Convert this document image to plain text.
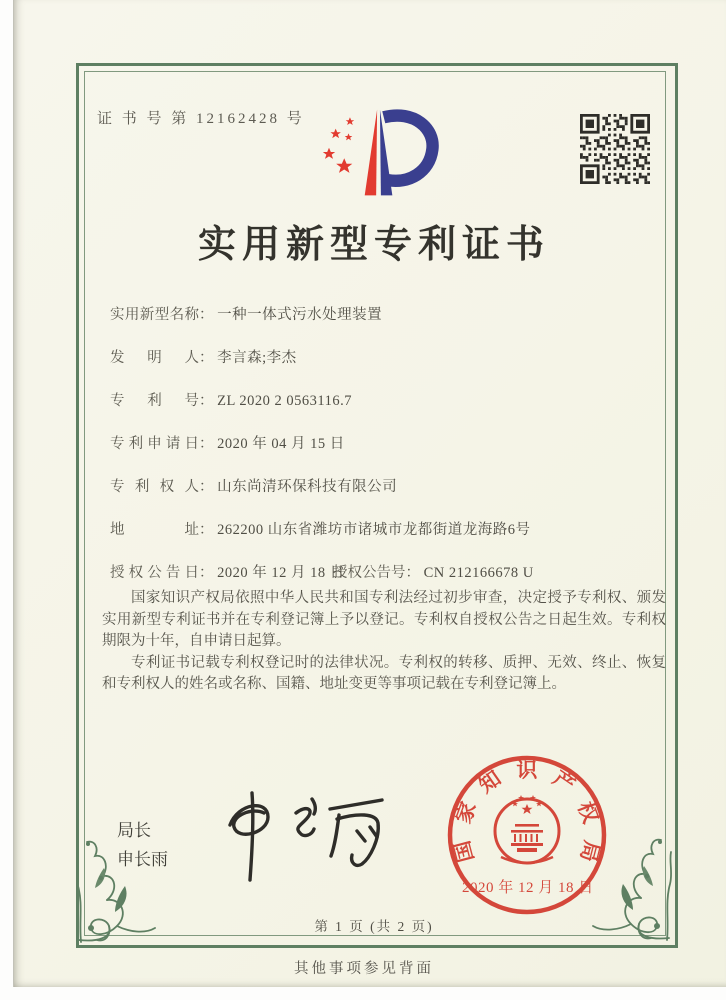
证 书 号 第 12162428 号
实用新型专利证书
实用新型名称： 一种一体式污水处理装置
发明人： 李言森;李杰
专利号： ZL 2020 2 0563116.7
专利申请日： 2020 年 04 月 15 日
专利权人： 山东尚清环保科技有限公司
地址： 262200 山东省潍坊市诸城市龙都街道龙海路6号
授权公告日： 2020 年 12 月 18 日
授权公告号： CN 212166678 U

国家知识产权局依照中华人民共和国专利法经过初步审查，决定授予专利权、颁发实用新型专利证书并在专利登记簿上予以登记。专利权自授权公告之日起生效。专利权期限为十年，自申请日起算。

专利证书记载专利权登记时的法律状况。专利权的转移、质押、无效、终止、恢复和专利权人的姓名或名称、国籍、地址变更等事项记载在专利登记簿上。

局长
申长雨	国家知识产权局
2020 年 12 月 18 日
第 1 页 (共 2 页)
其他事项参见背面
